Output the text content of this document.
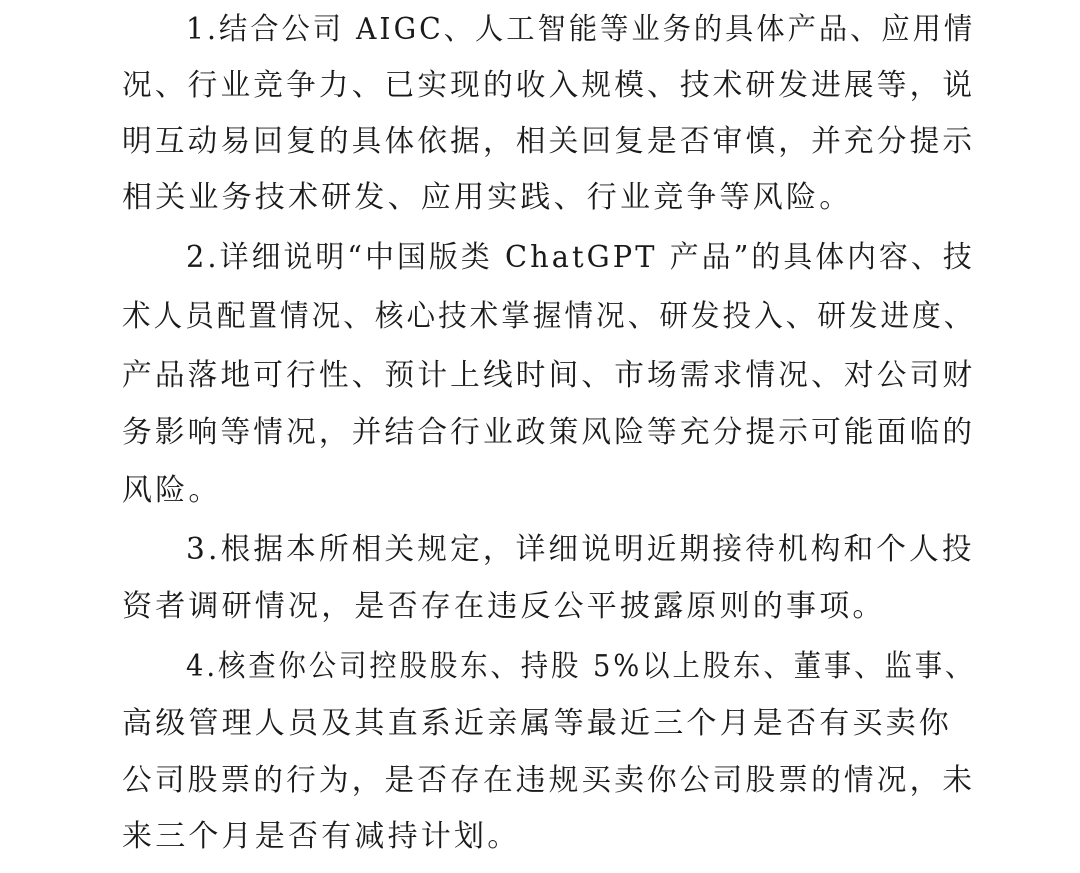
1.结合公司 AIGC、人工智能等业务的具体产品、应用情
况、行业竞争力、已实现的收入规模、技术研发进展等，说
明互动易回复的具体依据，相关回复是否审慎，并充分提示
相关业务技术研发、应用实践、行业竞争等风险。
2.详细说明“中国版类 ChatGPT 产品”的具体内容、技
术人员配置情况、核心技术掌握情况、研发投入、研发进度、
产品落地可行性、预计上线时间、市场需求情况、对公司财
务影响等情况，并结合行业政策风险等充分提示可能面临的
风险。
3.根据本所相关规定，详细说明近期接待机构和个人投
资者调研情况，是否存在违反公平披露原则的事项。
4.核查你公司控股股东、持股 5%以上股东、董事、监事、
高级管理人员及其直系近亲属等最近三个月是否有买卖你
公司股票的行为，是否存在违规买卖你公司股票的情况，未
来三个月是否有减持计划。
